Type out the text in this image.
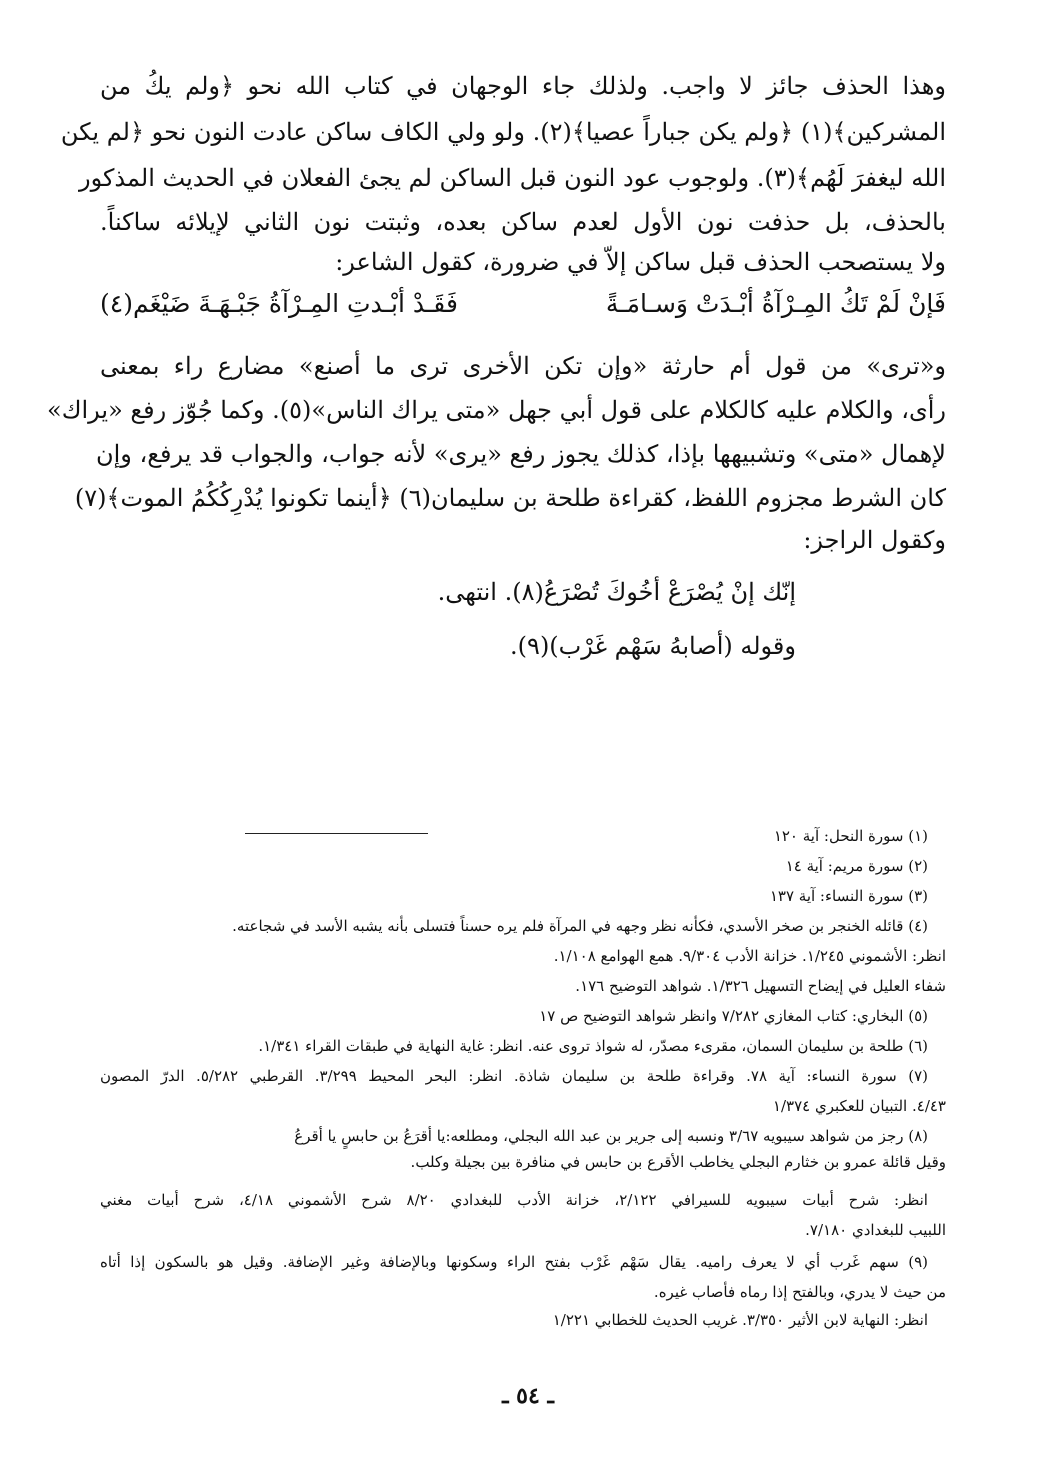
وهذا الحذف جائز لا واجب. ولذلك جاء الوجهان في كتاب الله نحو ﴿ولم يكُ من
المشركين﴾(١) ﴿ولم يكن جباراً عصيا﴾(٢). ولو ولي الكاف ساكن عادت النون نحو ﴿لم يكن
الله ليغفرَ لَهُم﴾(٣). ولوجوب عود النون قبل الساكن لم يجئ الفعلان في الحديث المذكور
بالحذف، بل حذفت نون الأول لعدم ساكن بعده، وثبتت نون الثاني لإيلائه ساكناً.
ولا يستصحب الحذف قبل ساكن إلاّ في ضرورة، كقول الشاعر:
فَإنْ لَمْ تَكُ المِـرْآةُ أبْـدَتْ وَسـامَـةً
فَقَـدْ أبْـدتِ المِـرْآةُ جَبْـهَـةَ ضَيْغَم(٤)
و«ترى» من قول أم حارثة «وإن تكن الأخرى ترى ما أصنع» مضارع راء بمعنى
رأى، والكلام عليه كالكلام على قول أبي جهل «متى يراك الناس»(٥). وكما جُوّز رفع «يراك»
لإهمال «متى» وتشبيهها بإذا، كذلك يجوز رفع «يرى» لأنه جواب، والجواب قد يرفع، وإن
كان الشرط مجزوم اللفظ، كقراءة طلحة بن سليمان(٦) ﴿أينما تكونوا يُدْرِكُكُمُ الموت﴾(٧)
وكقول الراجز:
إنّك إنْ يُصْرَعْ أخُوكَ تُصْرَعُ(٨). انتهى.
وقوله (أصابهُ سَهْم غَرْب)(٩).
(١) سورة النحل: آية ١٢٠
(٢) سورة مريم: آية ١٤
(٣) سورة النساء: آية ١٣٧
(٤) قائله الخنجر بن صخر الأسدي، فكأنه نظر وجهه في المرآة فلم يره حسناً فتسلى بأنه يشبه الأسد في شجاعته.
انظر: الأشموني ١/٢٤٥. خزانة الأدب ٩/٣٠٤. همع الهوامع ١/١٠٨.
شفاء العليل في إيضاح التسهيل ١/٣٢٦. شواهد التوضيح ١٧٦.
(٥) البخاري: كتاب المغازي ٧/٢٨٢ وانظر شواهد التوضيح ص ١٧
(٦) طلحة بن سليمان السمان، مقرىء مصدّر، له شواذ تروى عنه. انظر: غاية النهاية في طبقات القراء ١/٣٤١.
(٧) سورة النساء: آية ٧٨. وقراءة طلحة بن سليمان شاذة. انظر: البحر المحيط ٣/٢٩٩. القرطبي ٥/٢٨٢. الدرّ المصون
٤/٤٣. التبيان للعكبري ١/٣٧٤
(٨) رجز من شواهد سيبويه ٣/٦٧ ونسبه إلى جرير بن عبد الله البجلي، ومطلعه:يا أقرَعُ بن حابسٍ يا أقرعُ
وقيل قائلة عمرو بن خثارم البجلي يخاطب الأقرع بن حابس في منافرة بين بجيلة وكلب.
انظر: شرح أبيات سيبويه للسيرافي ٢/١٢٢، خزانة الأدب للبغدادي ٨/٢٠ شرح الأشموني ٤/١٨، شرح أبيات مغني
اللبيب للبغدادي ٧/١٨٠.
(٩) سهم غَرب أي لا يعرف راميه. يقال سَهْم غَرْب بفتح الراء وسكونها وبالإضافة وغير الإضافة. وقيل هو بالسكون إذا أتاه
من حيث لا يدري، وبالفتح إذا رماه فأصاب غيره.
انظر: النهاية لابن الأثير ٣/٣٥٠. غريب الحديث للخطابي ١/٢٢١
ـ ٥٤ ـ
